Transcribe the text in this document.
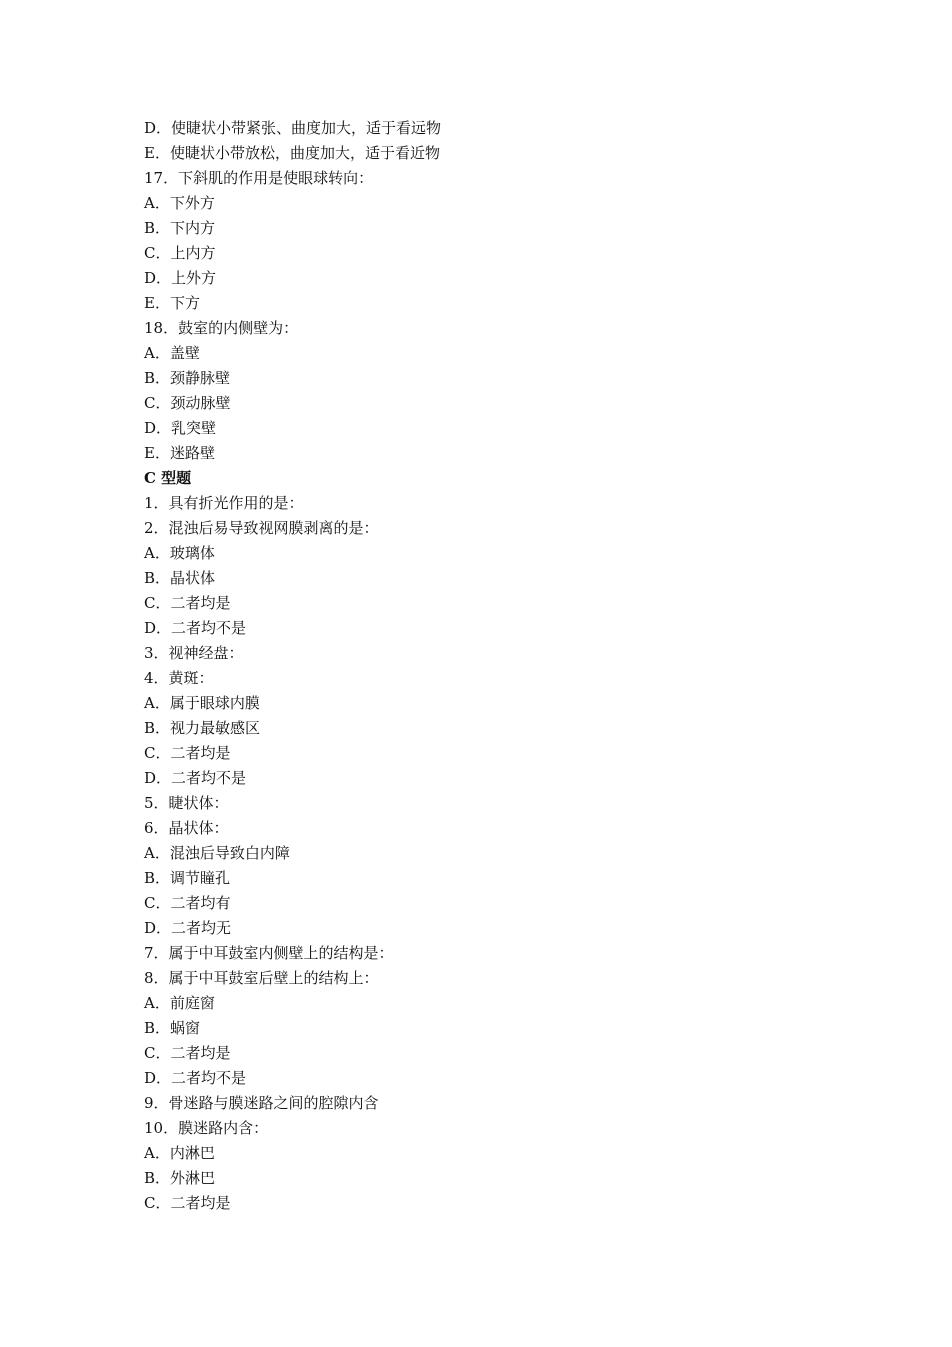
D．使睫状小带紧张、曲度加大，适于看远物
E．使睫状小带放松，曲度加大，适于看近物
17．下斜肌的作用是使眼球转向：
A．下外方
B．下内方
C．上内方
D．上外方
E．下方
18．鼓室的内侧壁为：
A．盖壁
B．颈静脉壁
C．颈动脉壁
D．乳突壁
E．迷路壁
C 型题
1．具有折光作用的是：
2．混浊后易导致视网膜剥离的是：
A．玻璃体
B．晶状体
C．二者均是
D．二者均不是
3．视神经盘：
4．黄斑：
A．属于眼球内膜
B．视力最敏感区
C．二者均是
D．二者均不是
5．睫状体：
6．晶状体：
A．混浊后导致白内障
B．调节瞳孔
C．二者均有
D．二者均无
7．属于中耳鼓室内侧壁上的结构是：
8．属于中耳鼓室后壁上的结构上：
A．前庭窗
B．蜗窗
C．二者均是
D．二者均不是
9．骨迷路与膜迷路之间的腔隙内含
10．膜迷路内含：
A．内淋巴
B．外淋巴
C．二者均是
